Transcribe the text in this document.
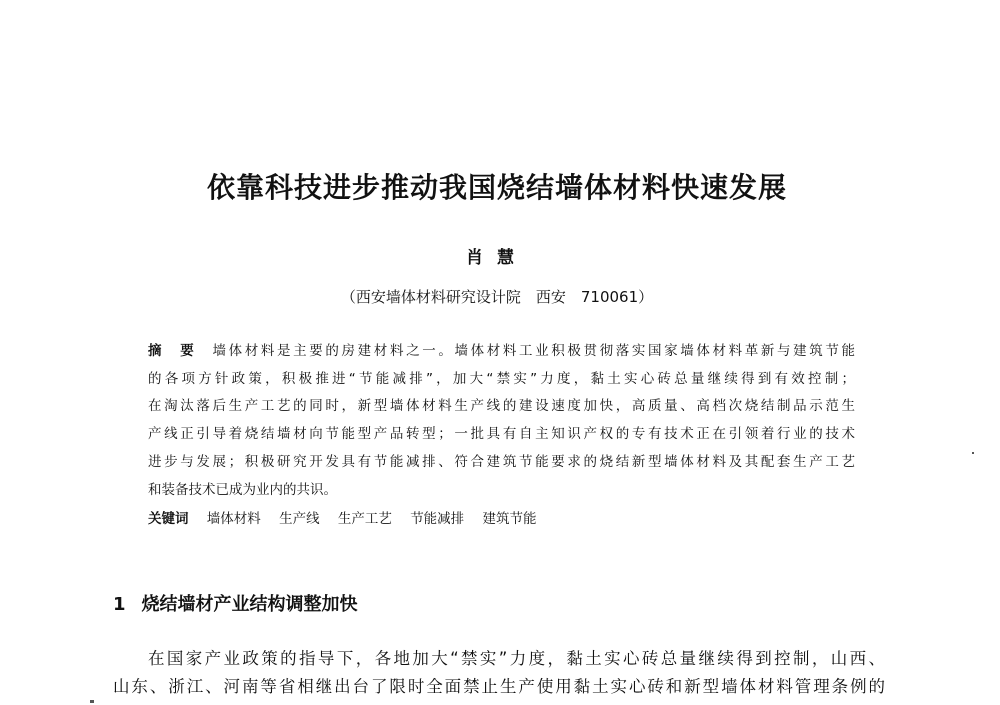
依靠科技进步推动我国烧结墙体材料快速发展
肖慧
（西安墙体材料研究设计院　西安　710061）
摘　要　 墙体材料是主要的房建材料之一。墙体材料工业积极贯彻落实国家墙体材料革新与建筑节能
的各项方针政策，积极推进“节能减排”，加大“禁实”力度，黏土实心砖总量继续得到有效控制；
在淘汰落后生产工艺的同时，新型墙体材料生产线的建设速度加快，高质量、高档次烧结制品示范生
产线正引导着烧结墙材向节能型产品转型；一批具有自主知识产权的专有技术正在引领着行业的技术
进步与发展；积极研究开发具有节能减排、符合建筑节能要求的烧结新型墙体材料及其配套生产工艺
和装备技术已成为业内的共识。
关键词 墙体材料 生产线 生产工艺 节能减排 建筑节能
1 烧结墙材产业结构调整加快
在国家产业政策的指导下，各地加大“禁实”力度，黏土实心砖总量继续得到控制，山西、
山东、浙江、河南等省相继出台了限时全面禁止生产使用黏土实心砖和新型墙体材料管理条例的
